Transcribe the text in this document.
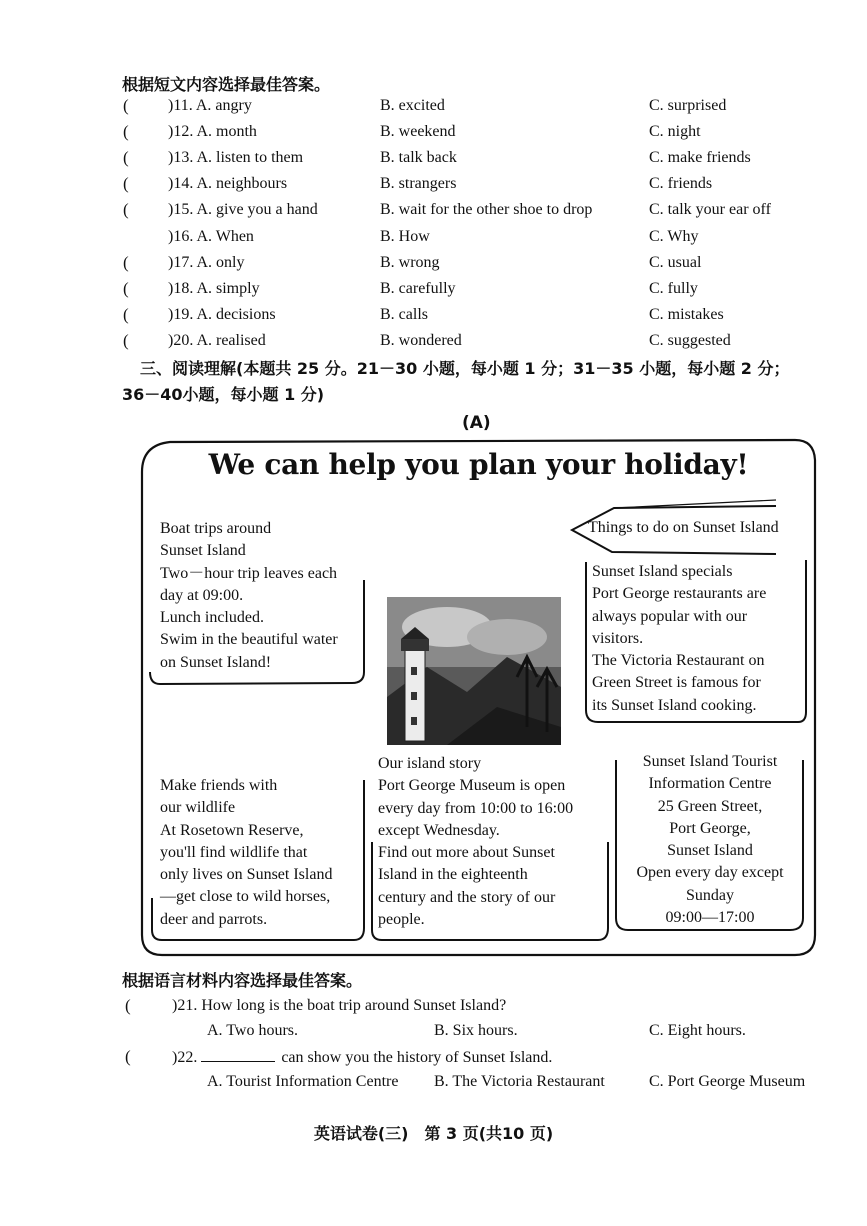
根据短文内容选择最佳答案。
( )11. A. angry	B. excited	C. surprised
( )12. A. month	B. weekend	C. night
( )13. A. listen to them	B. talk back	C. make friends
( )14. A. neighbours	B. strangers	C. friends
( )15. A. give you a hand	B. wait for the other shoe to drop	C. talk your ear off
)16. A. When	B. How	C. Why
( )17. A. only	B. wrong	C. usual
( )18. A. simply	B. carefully	C. fully
( )19. A. decisions	B. calls	C. mistakes
( )20. A. realised	B. wondered	C. suggested
三、阅读理解(本题共 25 分。21－30 小题，每小题 1 分；31－35 小题，每小题 2 分；
36－40小题，每小题 1 分)
(A)
We can help you plan your holiday!
Boat trips around
Sunset Island
Two－hour trip leaves each
day at 09:00.
Lunch included.
Swim in the beautiful water
on Sunset Island!
Things to do on Sunset Island
Sunset Island specials
Port George restaurants are
always popular with our
visitors.
The Victoria Restaurant on
Green Street is famous for
its Sunset Island cooking.
Make friends with
our wildlife
At Rosetown Reserve,
you'll find wildlife that
only lives on Sunset Island
—get close to wild horses,
deer and parrots.
Our island story
Port George Museum is open
every day from 10:00 to 16:00
except Wednesday.
Find out more about Sunset
Island in the eighteenth
century and the story of our
people.
Sunset Island Tourist
Information Centre
25 Green Street,
Port George,
Sunset Island
Open every day except
Sunday
09:00—17:00
根据语言材料内容选择最佳答案。
(	)21. How long is the boat trip around Sunset Island?
A. Two hours.	B. Six hours.	C. Eight hours.
(	)22.	can show you the history of Sunset Island.
A. Tourist Information Centre B. The Victoria Restaurant	C. Port George Museum
英语试卷(三)　第 3 页(共10 页)
